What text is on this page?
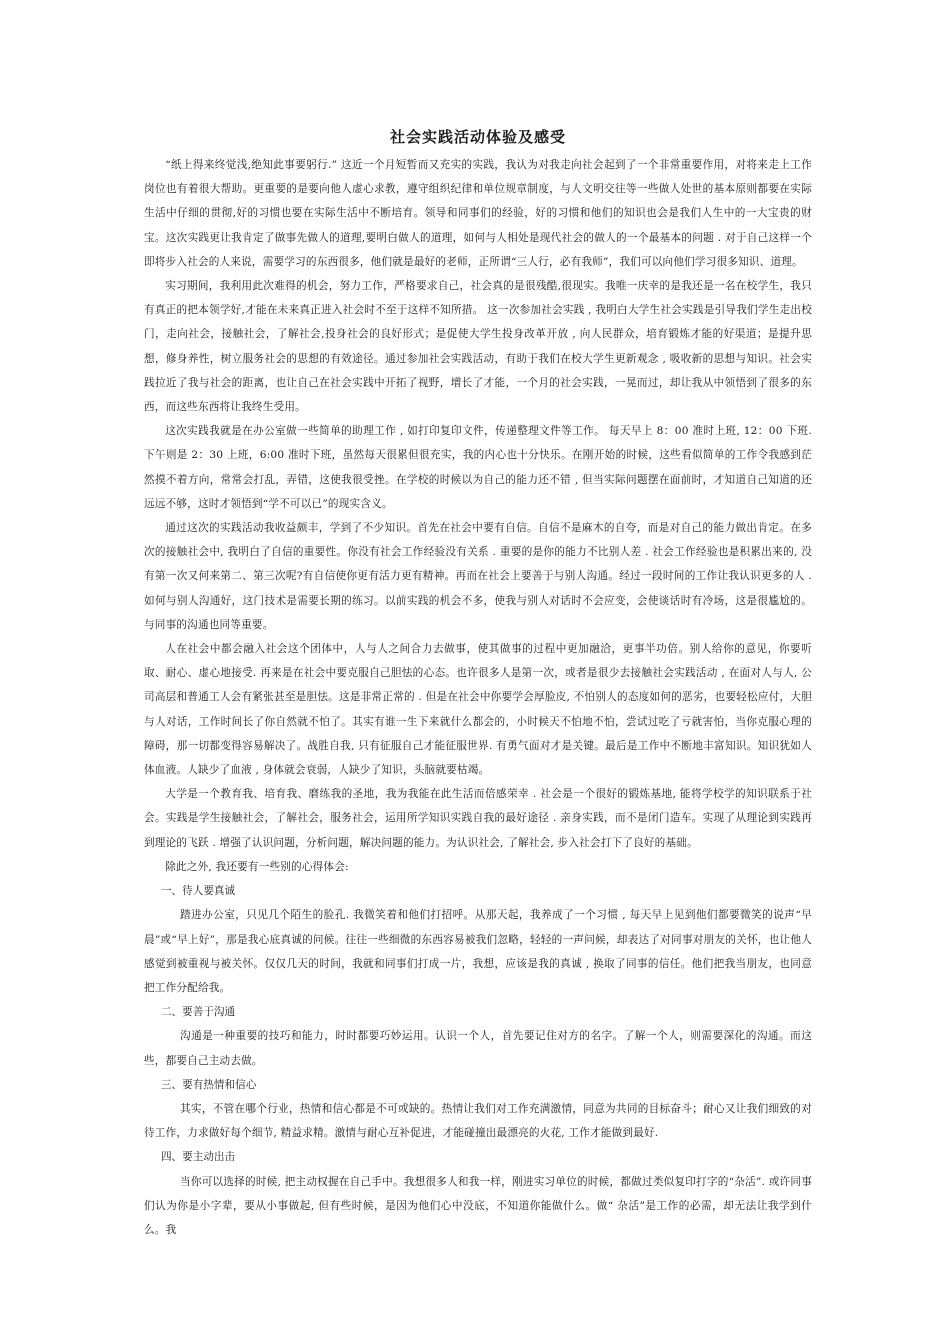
社会实践活动体验及感受

“纸上得来终觉浅,绝知此事要躬行.” 这近一个月短暂而又充实的实践，我认为对我走向社会起到了一个非常重要作用，对将来走上工作岗位也有着很大帮助。更重要的是要向他人虚心求教，遵守组织纪律和单位规章制度，与人文明交往等一些做人处世的基本原则都要在实际生活中仔细的贯彻,好的习惯也要在实际生活中不断培育。领导和同事们的经验，好的习惯和他们的知识也会是我们人生中的一大宝贵的财宝。这次实践更让我肯定了做事先做人的道理,要明白做人的道理，如何与人相处是现代社会的做人的一个最基本的问题 . 对于自己这样一个即将步入社会的人来说，需要学习的东西很多，他们就是最好的老师，正所谓“三人行，必有我师”，我们可以向他们学习很多知识、道理。

实习期间，我利用此次难得的机会，努力工作，严格要求自己，社会真的是很残酷,很现实。我唯一庆幸的是我还是一名在校学生，我只有真正的把本领学好,才能在未来真正进入社会时不至于这样不知所措。 这一次参加社会实践 , 我明白大学生社会实践是引导我们学生走出校门，走向社会，接触社会，了解社会,投身社会的良好形式；是促使大学生投身改革开放 , 向人民群众，培育锻炼才能的好渠道；是提升思想，修身养性，树立服务社会的思想的有效途径。通过参加社会实践活动，有助于我们在校大学生更新观念 , 吸收新的思想与知识。社会实践拉近了我与社会的距离，也让自己在社会实践中开拓了视野，增长了才能，一个月的社会实践，一晃而过，却让我从中领悟到了很多的东西，而这些东西将让我终生受用。

这次实践我就是在办公室做一些简单的助理工作 , 如打印复印文件，传递整理文件等工作。 每天早上 8：00 准时上班, 12：00 下班. 下午则是 2：30 上班，6:00 准时下班，虽然每天很累但很充实，我的内心也十分快乐。在刚开始的时候，这些看似简单的工作令我感到茫然摸不着方向，常常会打乱，弄错，这使我很受挫。在学校的时候以为自己的能力还不错 , 但当实际问题摆在面前时，才知道自己知道的还远远不够，这时才领悟到“学不可以已”的现实含义。

通过这次的实践活动我收益颇丰，学到了不少知识。首先在社会中要有自信。自信不是麻木的自夸，而是对自己的能力做出肯定。在多次的接触社会中, 我明白了自信的重要性。你没有社会工作经验没有关系 . 重要的是你的能力不比别人差 . 社会工作经验也是积累出来的, 没有第一次又何来第二、第三次呢?有自信使你更有活力更有精神。再而在社会上要善于与别人沟通。经过一段时间的工作让我认识更多的人 . 如何与别人沟通好，这门技术是需要长期的练习。以前实践的机会不多，使我与别人对话时不会应变，会使谈话时有冷场，这是很尴尬的。与同事的沟通也同等重要。

人在社会中都会融入社会这个团体中，人与人之间合力去做事，使其做事的过程中更加融洽，更事半功倍。别人给你的意见，你要听取、耐心、虚心地接受. 再来是在社会中要克服自己胆怯的心态。也许很多人是第一次，或者是很少去接触社会实践活动 , 在面对人与人, 公司高层和普通工人会有紧张甚至是胆怯。这是非常正常的 . 但是在社会中你要学会厚脸皮, 不怕别人的态度如何的恶劣，也要轻松应付，大胆与人对话，工作时间长了你自然就不怕了。其实有谁一生下来就什么都会的，小时候天不怕地不怕，尝试过吃了亏就害怕，当你克服心理的障碍，那一切都变得容易解决了。战胜自我, 只有征服自己才能征服世界. 有勇气面对才是关键。最后是工作中不断地丰富知识。知识犹如人体血液。人缺少了血液 , 身体就会衰弱，人缺少了知识，头脑就要枯竭。

大学是一个教育我、培育我、磨练我的圣地，我为我能在此生活而倍感荣幸 . 社会是一个很好的锻炼基地, 能将学校学的知识联系于社会。实践是学生接触社会，了解社会，服务社会，运用所学知识实践自我的最好途径 . 亲身实践，而不是闭门造车。实现了从理论到实践再到理论的飞跃 . 增强了认识问题，分析问题，解决问题的能力。为认识社会, 了解社会, 步入社会打下了良好的基础。

除此之外, 我还要有一些别的心得体会:

一、待人要真诚

踏进办公室，只见几个陌生的脸孔. 我微笑着和他们打招呼。从那天起，我养成了一个习惯 , 每天早上见到他们都要微笑的说声“早晨”或“早上好”，那是我心底真诚的问候。往往一些细微的东西容易被我们忽略，轻轻的一声问候，却表达了对同事对朋友的关怀，也让他人感觉到被重视与被关怀。仅仅几天的时间，我就和同事们打成一片，我想，应该是我的真诚 , 换取了同事的信任。他们把我当朋友，也同意把工作分配给我。

二、要善于沟通

沟通是一种重要的技巧和能力，时时都要巧妙运用。认识一个人，首先要记住对方的名字。了解一个人，则需要深化的沟通。而这些，都要自己主动去做。

三、要有热情和信心

其实，不管在哪个行业，热情和信心都是不可或缺的。热情让我们对工作充满激情，同意为共同的目标奋斗；耐心又让我们细致的对待工作，力求做好每个细节, 精益求精。激情与耐心互补促进，才能碰撞出最漂亮的火花, 工作才能做到最好.

四、要主动出击

当你可以选择的时候, 把主动权握在自己手中。我想很多人和我一样，刚进实习单位的时候，都做过类似复印打字的“杂活”. 或许同事们认为你是小字辈，要从小事做起, 但有些时候，是因为他们心中没底，不知道你能做什么。做“ 杂活”是工作的必需，却无法让我学到什么。我
